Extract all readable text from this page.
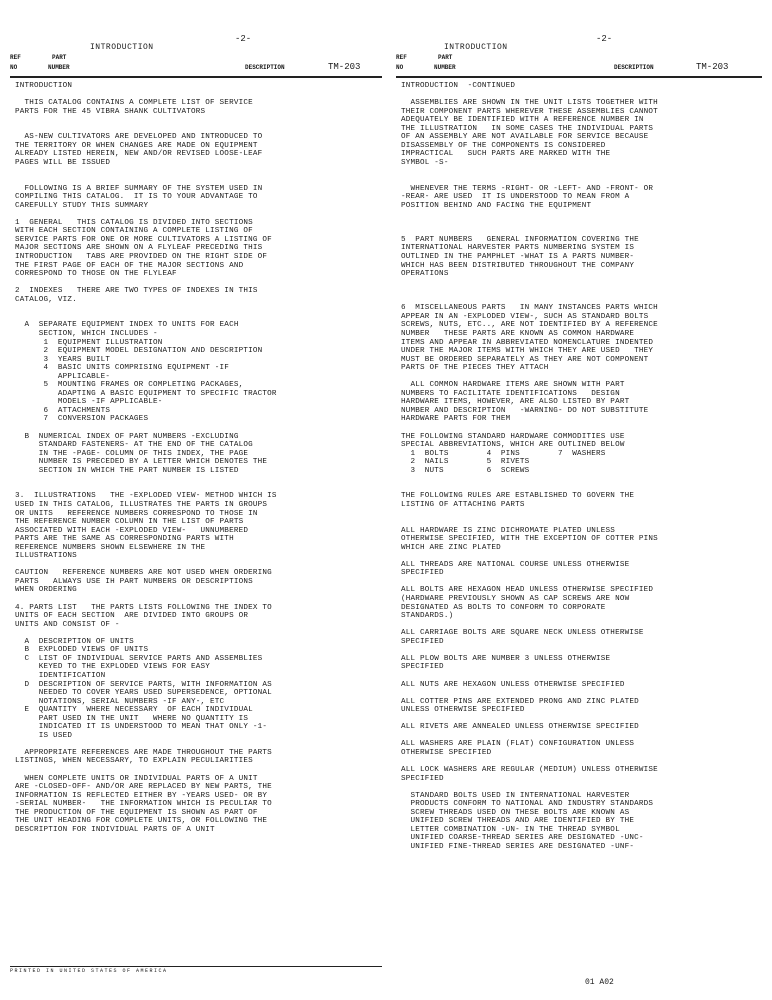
-2-
INTRODUCTION
REF
NO
PART
NUMBER	DESCRIPTION	TM-203
INTRODUCTION
THIS CATALOG CONTAINS A COMPLETE LIST OF SERVICE
PARTS FOR THE 45 VIBRA SHANK CULTIVATORS
AS-NEW CULTIVATORS ARE DEVELOPED AND INTRODUCED TO
THE TERRITORY OR WHEN CHANGES ARE MADE ON EQUIPMENT
ALREADY LISTED HEREIN, NEW AND/OR REVISED LOOSE-LEAF
PAGES WILL BE ISSUED
FOLLOWING IS A BRIEF SUMMARY OF THE SYSTEM USED IN
COMPILING THIS CATALOG.  IT IS TO YOUR ADVANTAGE TO
CAREFULLY STUDY THIS SUMMARY
1  GENERAL   THIS CATALOG IS DIVIDED INTO SECTIONS
WITH EACH SECTION CONTAINING A COMPLETE LISTING OF
SERVICE PARTS FOR ONE OR MORE CULTIVATORS A LISTING OF
MAJOR SECTIONS ARE SHOWN ON A FLYLEAF PRECEDING THIS
INTRODUCTION   TABS ARE PROVIDED ON THE RIGHT SIDE OF
THE FIRST PAGE OF EACH OF THE MAJOR SECTIONS AND
CORRESPOND TO THOSE ON THE FLYLEAF
2  INDEXES   THERE ARE TWO TYPES OF INDEXES IN THIS
CATALOG, VIZ.
A  SEPARATE EQUIPMENT INDEX TO UNITS FOR EACH
SECTION, WHICH INCLUDES -
1  EQUIPMENT ILLUSTRATION
2  EQUIPMENT MODEL DESIGNATION AND DESCRIPTION
3  YEARS BUILT
4  BASIC UNITS COMPRISING EQUIPMENT -IF
APPLICABLE-
5  MOUNTING FRAMES OR COMPLETING PACKAGES,
ADAPTING A BASIC EQUIPMENT TO SPECIFIC TRACTOR
MODELS -IF APPLICABLE-
6  ATTACHMENTS
7  CONVERSION PACKAGES
B  NUMERICAL INDEX OF PART NUMBERS -EXCLUDING
STANDARD FASTENERS- AT THE END OF THE CATALOG
IN THE -PAGE- COLUMN OF THIS INDEX, THE PAGE
NUMBER IS PRECEDED BY A LETTER WHICH DENOTES THE
SECTION IN WHICH THE PART NUMBER IS LISTED
3.  ILLUSTRATIONS   THE -EXPLODED VIEW- METHOD WHICH IS
USED IN THIS CATALOG, ILLUSTRATES THE PARTS IN GROUPS
OR UNITS   REFERENCE NUMBERS CORRESPOND TO THOSE IN
THE REFERENCE NUMBER COLUMN IN THE LIST OF PARTS
ASSOCIATED WITH EACH -EXPLODED VIEW-   UNNUMBERED
PARTS ARE THE SAME AS CORRESPONDING PARTS WITH
REFERENCE NUMBERS SHOWN ELSEWHERE IN THE
ILLUSTRATIONS
CAUTION   REFERENCE NUMBERS ARE NOT USED WHEN ORDERING
PARTS   ALWAYS USE IH PART NUMBERS OR DESCRIPTIONS
WHEN ORDERING
4. PARTS LIST   THE PARTS LISTS FOLLOWING THE INDEX TO
UNITS OF EACH SECTION  ARE DIVIDED INTO GROUPS OR
UNITS AND CONSIST OF -
A  DESCRIPTION OF UNITS
B  EXPLODED VIEWS OF UNITS
C  LIST OF INDIVIDUAL SERVICE PARTS AND ASSEMBLIES
KEYED TO THE EXPLODED VIEWS FOR EASY
IDENTIFICATION
D  DESCRIPTION OF SERVICE PARTS, WITH INFORMATION AS
NEEDED TO COVER YEARS USED SUPERSEDENCE, OPTIONAL
NOTATIONS, SERIAL NUMBERS -IF ANY-, ETC
E  QUANTITY  WHERE NECESSARY  OF EACH INDIVIDUAL
PART USED IN THE UNIT   WHERE NO QUANTITY IS
INDICATED IT IS UNDERSTOOD TO MEAN THAT ONLY -1-
IS USED
APPROPRIATE REFERENCES ARE MADE THROUGHOUT THE PARTS
LISTINGS, WHEN NECESSARY, TO EXPLAIN PECULIARITIES
WHEN COMPLETE UNITS OR INDIVIDUAL PARTS OF A UNIT
ARE -CLOSED-OFF- AND/OR ARE REPLACED BY NEW PARTS, THE
INFORMATION IS REFLECTED EITHER BY -YEARS USED- OR BY
-SERIAL NUMBER-   THE INFORMATION WHICH IS PECULIAR TO
THE PRODUCTION OF THE EQUIPMENT IS SHOWN AS PART OF
THE UNIT HEADING FOR COMPLETE UNITS, OR FOLLOWING THE
DESCRIPTION FOR INDIVIDUAL PARTS OF A UNIT
-2-
INTRODUCTION
REF
NO
PART
NUMBER	DESCRIPTION	TM-203
INTRODUCTION  -CONTINUED
ASSEMBLIES ARE SHOWN IN THE UNIT LISTS TOGETHER WITH
THEIR COMPONENT PARTS WHEREVER THESE ASSEMBLIES CANNOT
ADEQUATELY BE IDENTIFIED WITH A REFERENCE NUMBER IN
THE ILLUSTRATION   IN SOME CASES THE INDIVIDUAL PARTS
OF AN ASSEMBLY ARE NOT AVAILABLE FOR SERVICE BECAUSE
DISASSEMBLY OF THE COMPONENTS IS CONSIDERED
IMPRACTICAL   SUCH PARTS ARE MARKED WITH THE
SYMBOL -S-
WHENEVER THE TERMS -RIGHT- OR -LEFT- AND -FRONT- OR
-REAR- ARE USED  IT IS UNDERSTOOD TO MEAN FROM A
POSITION BEHIND AND FACING THE EQUIPMENT
5  PART NUMBERS   GENERAL INFORMATION COVERING THE
INTERNATIONAL HARVESTER PARTS NUMBERING SYSTEM IS
OUTLINED IN THE PAMPHLET -WHAT IS A PARTS NUMBER-
WHICH HAS BEEN DISTRIBUTED THROUGHOUT THE COMPANY
OPERATIONS
6  MISCELLANEOUS PARTS   IN MANY INSTANCES PARTS WHICH
APPEAR IN AN -EXPLODED VIEW-, SUCH AS STANDARD BOLTS
SCREWS, NUTS, ETC.., ARE NOT IDENTIFIED BY A REFERENCE
NUMBER   THESE PARTS ARE KNOWN AS COMMON HARDWARE
ITEMS AND APPEAR IN ABBREVIATED NOMENCLATURE INDENTED
UNDER THE MAJOR ITEMS WITH WHICH THEY ARE USED   THEY
MUST BE ORDERED SEPARATELY AS THEY ARE NOT COMPONENT
PARTS OF THE PIECES THEY ATTACH
ALL COMMON HARDWARE ITEMS ARE SHOWN WITH PART
NUMBERS TO FACILITATE IDENTIFICATIONS   DESIGN
HARDWARE ITEMS, HOWEVER, ARE ALSO LISTED BY PART
NUMBER AND DESCRIPTION   -WARNING- DO NOT SUBSTITUTE
HARDWARE PARTS FOR THEM
THE FOLLOWING STANDARD HARDWARE COMMODITIES USE
SPECIAL ABBREVIATIONS, WHICH ARE OUTLINED BELOW
1  BOLTS        4  PINS        7  WASHERS
2  NAILS        5  RIVETS
3  NUTS         6  SCREWS
THE FOLLOWING RULES ARE ESTABLISHED TO GOVERN THE
LISTING OF ATTACHING PARTS
ALL HARDWARE IS ZINC DICHROMATE PLATED UNLESS
OTHERWISE SPECIFIED, WITH THE EXCEPTION OF COTTER PINS
WHICH ARE ZINC PLATED
ALL THREADS ARE NATIONAL COURSE UNLESS OTHERWISE
SPECIFIED
ALL BOLTS ARE HEXAGON HEAD UNLESS OTHERWISE SPECIFIED
(HARDWARE PREVIOUSLY SHOWN AS CAP SCREWS ARE NOW
DESIGNATED AS BOLTS TO CONFORM TO CORPORATE
STANDARDS.)
ALL CARRIAGE BOLTS ARE SQUARE NECK UNLESS OTHERWISE
SPECIFIED
ALL PLOW BOLTS ARE NUMBER 3 UNLESS OTHERWISE
SPECIFIED
ALL NUTS ARE HEXAGON UNLESS OTHERWISE SPECIFIED
ALL COTTER PINS ARE EXTENDED PRONG AND ZINC PLATED
UNLESS OTHERWISE SPECIFIED
ALL RIVETS ARE ANNEALED UNLESS OTHERWISE SPECIFIED
ALL WASHERS ARE PLAIN (FLAT) CONFIGURATION UNLESS
OTHERWISE SPECIFIED
ALL LOCK WASHERS ARE REGULAR (MEDIUM) UNLESS OTHERWISE
SPECIFIED
STANDARD BOLTS USED IN INTERNATIONAL HARVESTER
PRODUCTS CONFORM TO NATIONAL AND INDUSTRY STANDARDS
SCREW THREADS USED ON THESE BOLTS ARE KNOWN AS
UNIFIED SCREW THREADS AND ARE IDENTIFIED BY THE
LETTER COMBINATION -UN- IN THE THREAD SYMBOL
UNIFIED COARSE-THREAD SERIES ARE DESIGNATED -UNC-
UNIFIED FINE-THREAD SERIES ARE DESIGNATED -UNF-
PRINTED IN UNITED STATES OF AMERICA
01 A02
